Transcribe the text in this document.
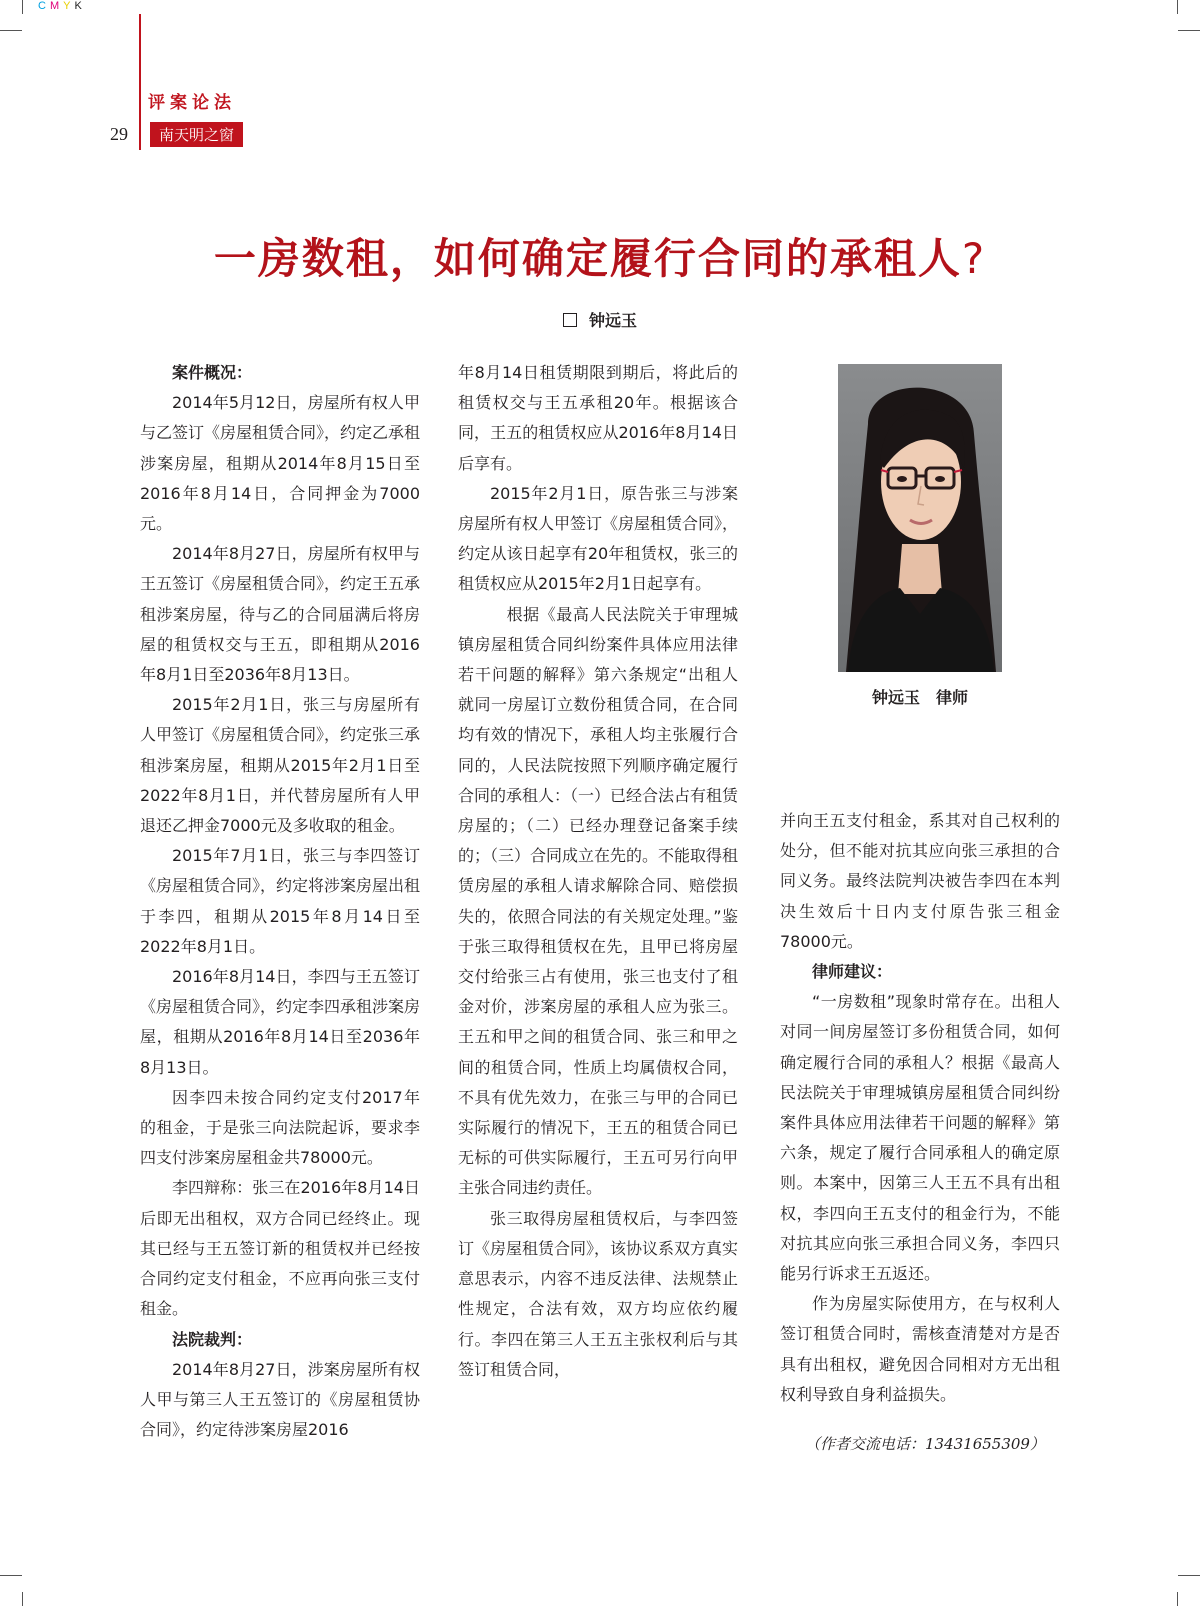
CMYK
评案论法
29	南天明之窗
一房数租，如何确定履行合同的承租人?
钟远玉

案件概况：

2014年5月12日，房屋所有权人甲与乙签订《房屋租赁合同》，约定乙承租涉案房屋，租期从2014年8月15日至2016年8月14日，合同押金为7000元。

2014年8月27日，房屋所有权甲与王五签订《房屋租赁合同》，约定王五承租涉案房屋，待与乙的合同届满后将房屋的租赁权交与王五，即租期从2016年8月1日至2036年8月13日。

2015年2月1日，张三与房屋所有人甲签订《房屋租赁合同》，约定张三承租涉案房屋，租期从2015年2月1日至2022年8月1日，并代替房屋所有人甲退还乙押金7000元及多收取的租金。

2015年7月1日，张三与李四签订《房屋租赁合同》，约定将涉案房屋出租于李四，租期从2015年8月14日至2022年8月1日。

2016年8月14日，李四与王五签订《房屋租赁合同》，约定李四承租涉案房屋，租期从2016年8月14日至2036年8月13日。

因李四未按合同约定支付2017年的租金，于是张三向法院起诉，要求李四支付涉案房屋租金共78000元。

李四辩称：张三在2016年8月14日后即无出租权，双方合同已经终止。现其已经与王五签订新的租赁权并已经按合同约定支付租金，不应再向张三支付租金。

法院裁判：

2014年8月27日，涉案房屋所有权人甲与第三人王五签订的《房屋租赁协合同》，约定待涉案房屋2016

年8月14日租赁期限到期后，将此后的租赁权交与王五承租20年。根据该合同，王五的租赁权应从2016年8月14日后享有。

2015年2月1日，原告张三与涉案房屋所有权人甲签订《房屋租赁合同》，约定从该日起享有20年租赁权，张三的租赁权应从2015年2月1日起享有。

　根据《最高人民法院关于审理城镇房屋租赁合同纠纷案件具体应用法律若干问题的解释》第六条规定“出租人就同一房屋订立数份租赁合同，在合同均有效的情况下，承租人均主张履行合同的，人民法院按照下列顺序确定履行合同的承租人：（一）已经合法占有租赁房屋的；（二）已经办理登记备案手续的；（三）合同成立在先的。不能取得租赁房屋的承租人请求解除合同、赔偿损失的，依照合同法的有关规定处理。”鉴于张三取得租赁权在先，且甲已将房屋交付给张三占有使用，张三也支付了租金对价，涉案房屋的承租人应为张三。王五和甲之间的租赁合同、张三和甲之间的租赁合同，性质上均属债权合同，不具有优先效力，在张三与甲的合同已实际履行的情况下，王五的租赁合同已无标的可供实际履行，王五可另行向甲主张合同违约责任。

张三取得房屋租赁权后，与李四签订《房屋租赁合同》，该协议系双方真实意思表示，内容不违反法律、法规禁止性规定，合法有效，双方均应依约履行。李四在第三人王五主张权利后与其签订租赁合同，

并向王五支付租金，系其对自己权利的处分，但不能对抗其应向张三承担的合同义务。最终法院判决被告李四在本判决生效后十日内支付原告张三租金78000元。

律师建议：

“一房数租”现象时常存在。出租人对同一间房屋签订多份租赁合同，如何确定履行合同的承租人？根据《最高人民法院关于审理城镇房屋租赁合同纠纷案件具体应用法律若干问题的解释》第六条，规定了履行合同承租人的确定原则。本案中，因第三人王五不具有出租权，李四向王五支付的租金行为，不能对抗其应向张三承担合同义务，李四只能另行诉求王五返还。

作为房屋实际使用方，在与权利人签订租赁合同时，需核查清楚对方是否具有出租权，避免因合同相对方无出租权利导致自身利益损失。

钟远玉　律师
（作者交流电话：13431655309）
